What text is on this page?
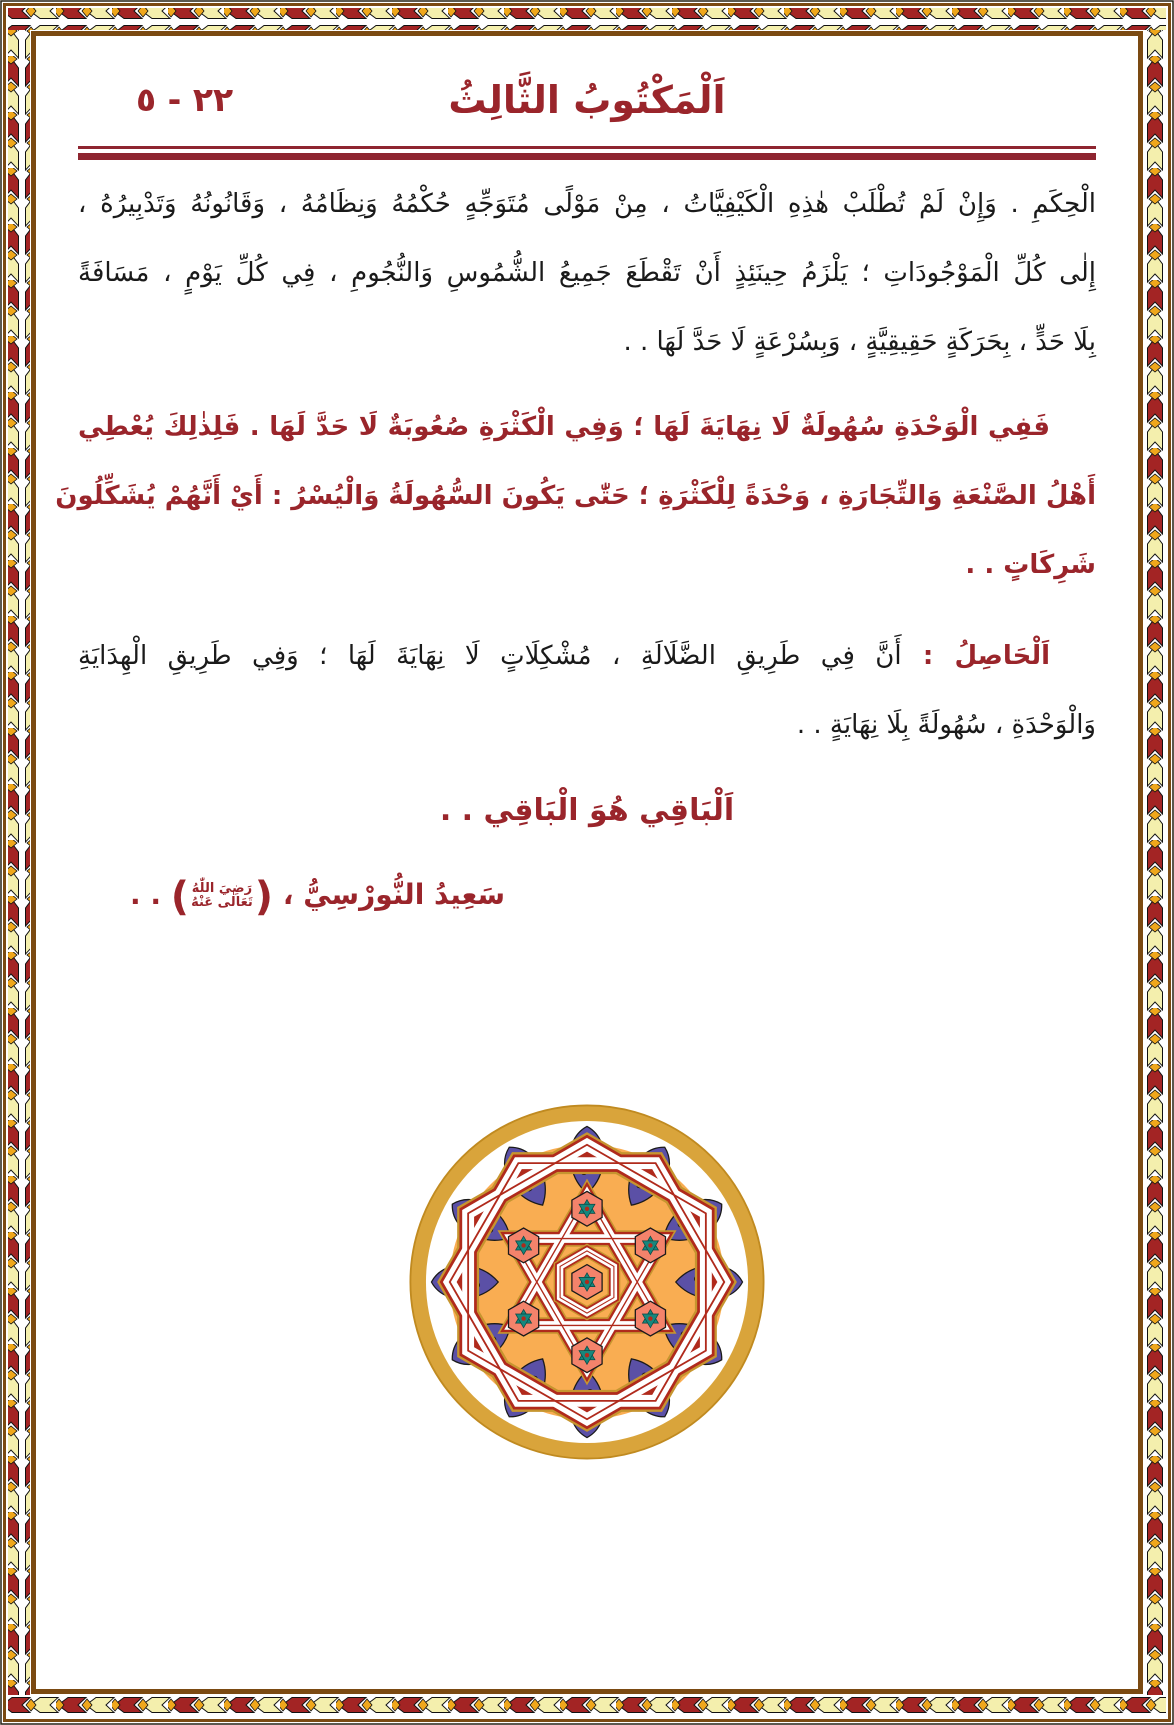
٢٢ - ٥	اَلْمَكْتُوبُ الثَّالِثُ
الْحِكَمِ . وَإِنْ لَمْ تُطْلَبْ هٰذِهِ الْكَيْفِيَّاتُ ، مِنْ مَوْلًى مُتَوَجِّهٍ حُكْمُهُ وَنِظَامُهُ ، وَقَانُونُهُ وَتَدْبِيرُهُ ،
إِلٰى كُلِّ الْمَوْجُودَاتِ ؛ يَلْزَمُ حِينَئِذٍ أَنْ تَقْطَعَ جَمِيعُ الشُّمُوسِ وَالنُّجُومِ ، فِي كُلِّ يَوْمٍ ، مَسَافَةً
بِلَا حَدٍّ ، بِحَرَكَةٍ حَقِيقِيَّةٍ ، وَبِسُرْعَةٍ لَا حَدَّ لَهَا . .
فَفِي الْوَحْدَةِ سُهُولَةٌ لَا نِهَايَةَ لَهَا ؛ وَفِي الْكَثْرَةِ صُعُوبَةٌ لَا حَدَّ لَهَا . فَلِذٰلِكَ يُعْطِي
أَهْلُ الصَّنْعَةِ وَالتِّجَارَةِ ، وَحْدَةً لِلْكَثْرَةِ ؛ حَتّٰى يَكُونَ السُّهُولَةُ وَالْيُسْرُ : أَيْ أَنَّهُمْ يُشَكِّلُونَ
شَرِكَاتٍ . .
اَلْحَاصِلُ : أَنَّ فِي طَرِيقِ الضَّلَالَةِ ، مُشْكِلَاتٍ لَا نِهَايَةَ لَهَا ؛ وَفِي طَرِيقِ الْهِدَايَةِ
وَالْوَحْدَةِ ، سُهُولَةً بِلَا نِهَايَةٍ . .
اَلْبَاقِي هُوَ الْبَاقِي . .
سَعِيدُ النُّورْسِيُّ ، (
رَضِيَ اللّٰهُ
تَعَالٰى عَنْهُ
) . .
